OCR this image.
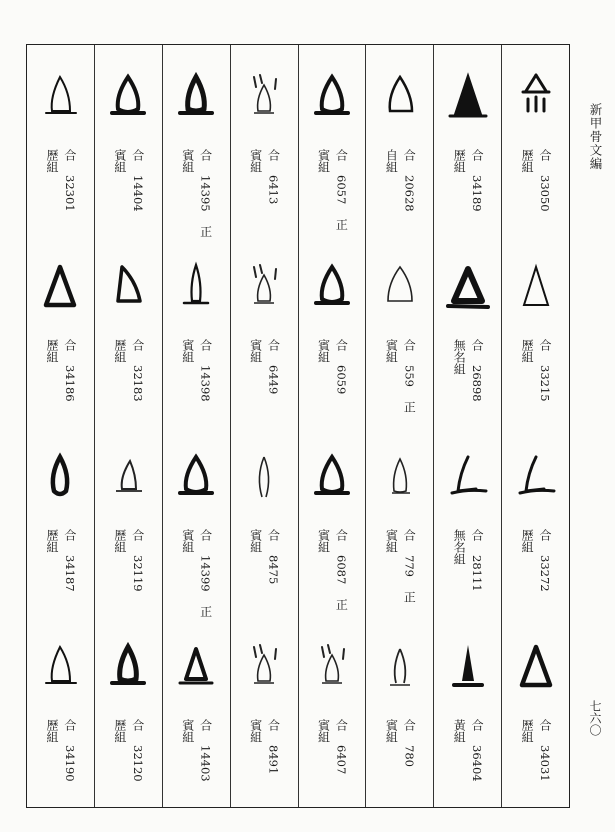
新甲骨文編
合 33050
歷組
合 33215
歷組
合 33272
歷組
合 34031
歷組
合 34189
歷組
合 26898
無名組
合 28111
無名組
合 36404
黃組
合 20628
自組
合 559 正
賓組
合 779 正
賓組
合 780
賓組
合 6057 正
賓組
合 6059
賓組
合 6087 正
賓組
合 6407
賓組
合 6413
賓組
合 6449
賓組
合 8475
賓組
合 8491
賓組
合 14395 正
賓組
合 14398
賓組
合 14399 正
賓組
合 14403
賓組
合 14404
賓組
合 32183
歷組
合 32119
歷組
合 32120
歷組
合 32301
歷組
合 34186
歷組
合 34187
歷組
合 34190
歷組	七六〇
